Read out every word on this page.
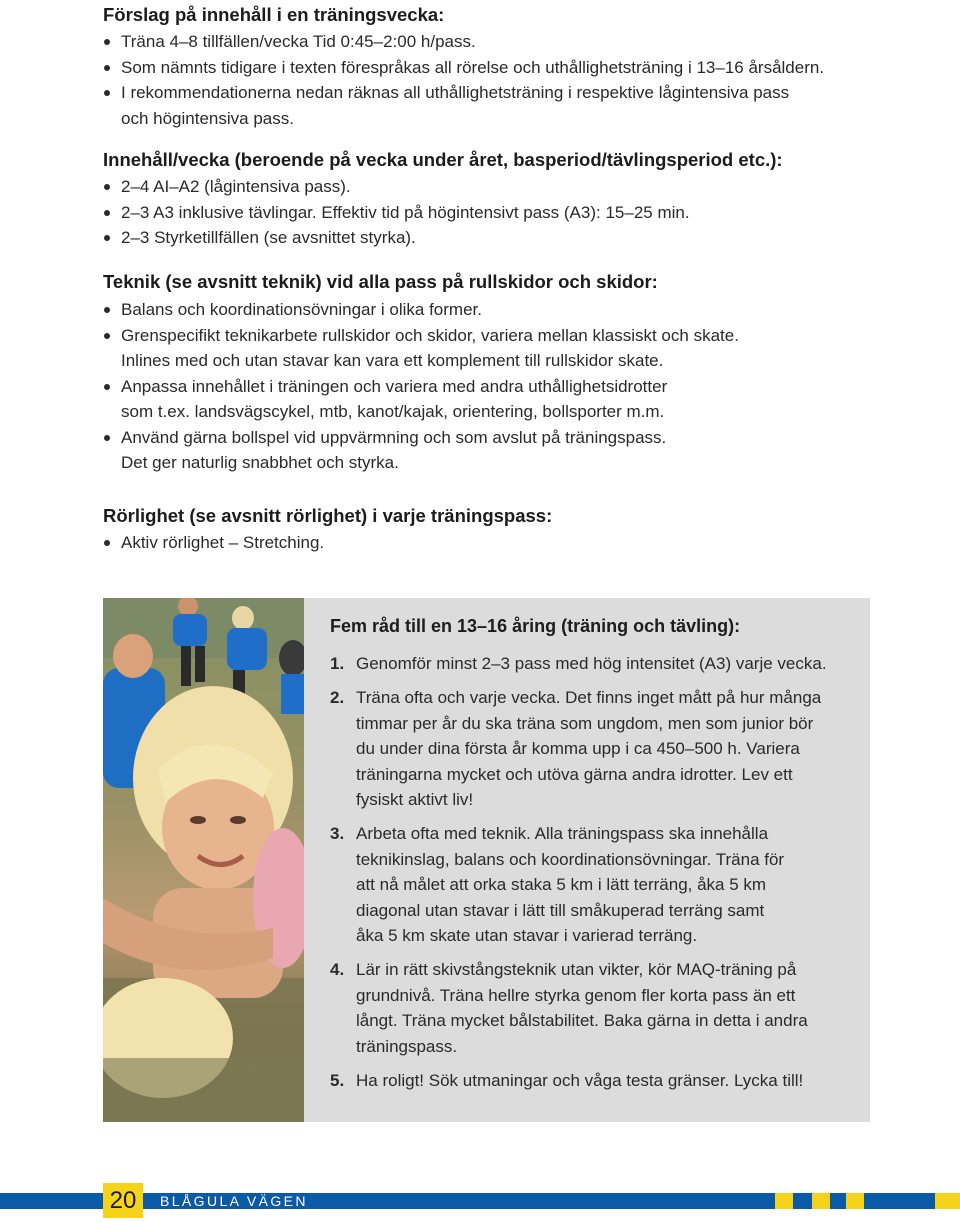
Förslag på innehåll i en träningsvecka:
Träna 4–8 tillfällen/vecka Tid 0:45–2:00 h/pass.
Som nämnts tidigare i texten förespråkas all rörelse och uthållighetsträning i 13–16 årsåldern.
I rekommendationerna nedan räknas all uthållighetsträning i respektive lågintensiva pass
och högintensiva pass.
Innehåll/vecka (beroende på vecka under året, basperiod/tävlingsperiod etc.):
2–4 AI–A2 (lågintensiva pass).
2–3 A3 inklusive tävlingar. Effektiv tid på högintensivt pass (A3): 15–25 min.
2–3 Styrketillfällen (se avsnittet styrka).
Teknik (se avsnitt teknik) vid alla pass på rullskidor och skidor:
Balans och koordinationsövningar i olika former.
Grenspecifikt teknikarbete rullskidor och skidor, variera mellan klassiskt och skate.
Inlines med och utan stavar kan vara ett komplement till rullskidor skate.
Anpassa innehållet i träningen och variera med andra uthållighetsidrotter
som t.ex. landsvägscykel, mtb, kanot/kajak, orientering, bollsporter m.m.
Använd gärna bollspel vid uppvärmning och som avslut på träningspass.
Det ger naturlig snabbhet och styrka.
Rörlighet (se avsnitt rörlighet) i varje träningspass:
Aktiv rörlighet – Stretching.
Fem råd till en 13–16 åring (träning och tävling):
1. Genomför minst 2–3 pass med hög intensitet (A3) varje vecka.
2. Träna ofta och varje vecka. Det finns inget mått på hur många
timmar per år du ska träna som ungdom, men som junior bör
du under dina första år komma upp i ca 450–500 h. Variera
träningarna mycket och utöva gärna andra idrotter. Lev ett
fysiskt aktivt liv!
3. Arbeta ofta med teknik. Alla träningspass ska innehålla
teknikinslag, balans och koordinationsövningar. Träna för
att nå målet att orka staka 5 km i lätt terräng, åka 5 km
diagonal utan stavar i lätt till småkuperad terräng samt
åka 5 km skate utan stavar i varierad terräng.
4. Lär in rätt skivstångsteknik utan vikter, kör MAQ-träning på
grundnivå. Träna hellre styrka genom fler korta pass än ett
långt. Träna mycket bålstabilitet. Baka gärna in detta i andra
träningspass.
5. Ha roligt! Sök utmaningar och våga testa gränser. Lycka till!
20	BLÅGULA VÄGEN
